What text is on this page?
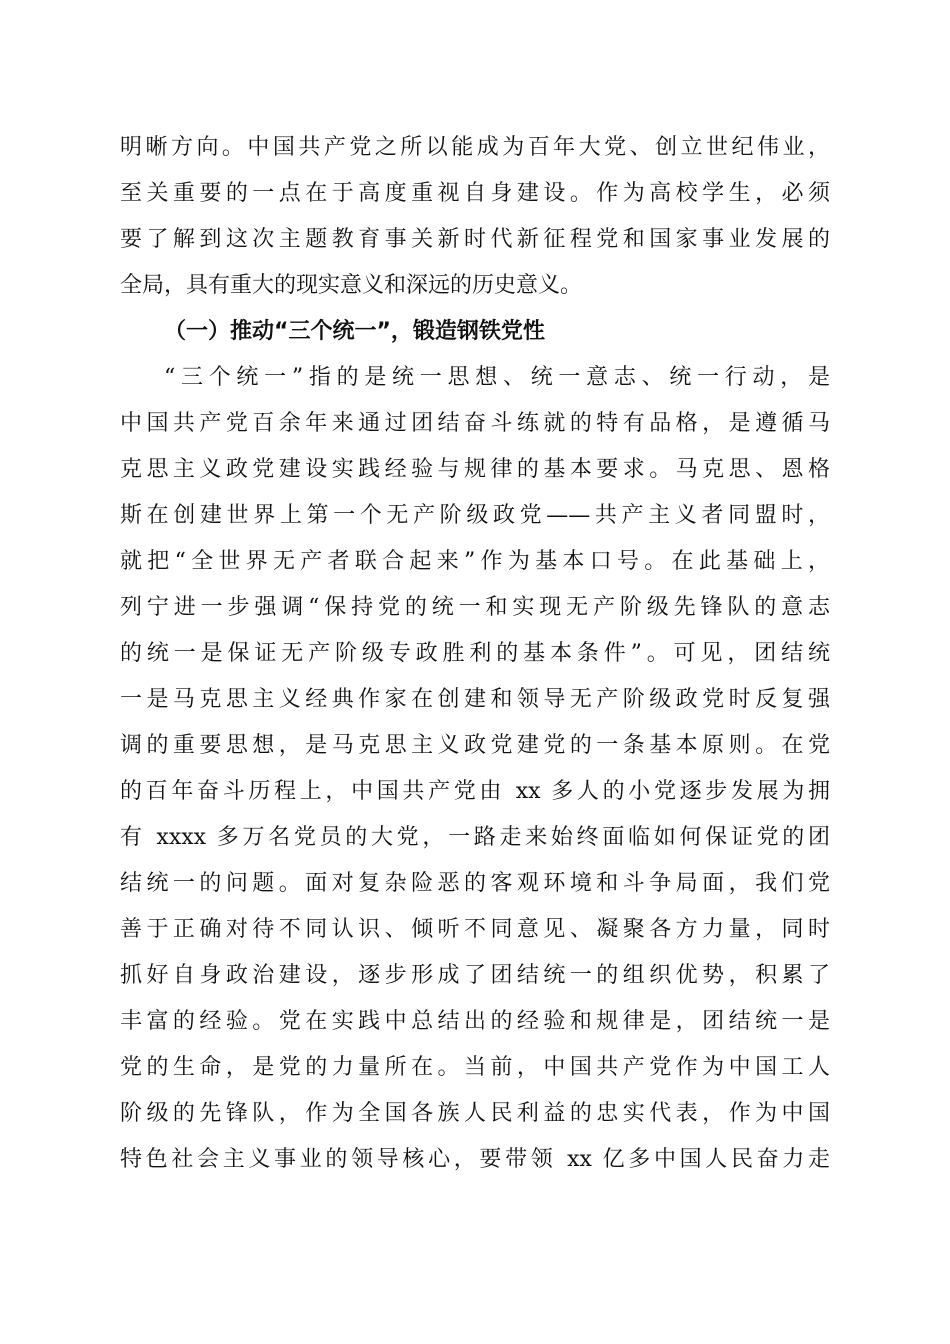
明晰方向。中国共产党之所以能成为百年大党、创立世纪伟业，
至关重要的一点在于高度重视自身建设。作为高校学生，必须
要了解到这次主题教育事关新时代新征程党和国家事业发展的
全局，具有重大的现实意义和深远的历史意义。
（一）推动“三个统一”，锻造钢铁党性
“三个统一”指的是统一思想、统一意志、统一行动，是
中国共产党百余年来通过团结奋斗练就的特有品格，是遵循马
克思主义政党建设实践经验与规律的基本要求。马克思、恩格
斯在创建世界上第一个无产阶级政党——共产主义者同盟时，
就把“全世界无产者联合起来”作为基本口号。在此基础上，
列宁进一步强调“保持党的统一和实现无产阶级先锋队的意志
的统一是保证无产阶级专政胜利的基本条件”。可见，团结统
一是马克思主义经典作家在创建和领导无产阶级政党时反复强
调的重要思想，是马克思主义政党建党的一条基本原则。在党
的百年奋斗历程上，中国共产党由 xx 多人的小党逐步发展为拥
有 xxxx 多万名党员的大党，一路走来始终面临如何保证党的团
结统一的问题。面对复杂险恶的客观环境和斗争局面，我们党
善于正确对待不同认识、倾听不同意见、凝聚各方力量，同时
抓好自身政治建设，逐步形成了团结统一的组织优势，积累了
丰富的经验。党在实践中总结出的经验和规律是，团结统一是
党的生命，是党的力量所在。当前，中国共产党作为中国工人
阶级的先锋队，作为全国各族人民利益的忠实代表，作为中国
特色社会主义事业的领导核心，要带领 xx 亿多中国人民奋力走
